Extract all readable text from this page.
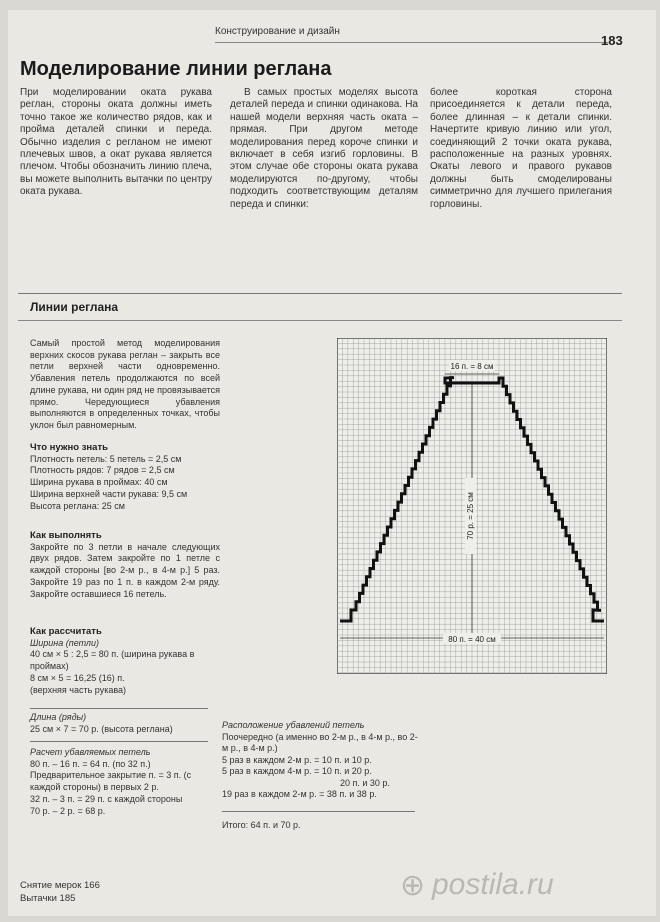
Конструирование и дизайн
183
Моделирование линии реглана
При моделировании оката рукава реглан, стороны оката должны иметь точно такое же количество рядов, как и пройма деталей спинки и переда. Обычно изделия с регланом не имеют плечевых швов, а окат рукава является плечом. Чтобы обозначить линию плеча, вы можете выполнить вытачки по центру оката рукава.
В самых простых моделях высота деталей переда и спинки одинакова. На нашей модели верхняя часть оката – прямая. При другом методе моделирования перед короче спинки и включает в себя изгиб горловины. В этом случае обе стороны оката рукава моделируются по-другому, чтобы подходить соответствующим деталям переда и спинки:
более короткая сторона присоединяется к детали переда, более длинная – к детали спинки. Начертите кривую линию или угол, соединяющий 2 точки оката рукава, расположенные на разных уровнях. Окаты левого и правого рукавов должны быть смоделированы симметрично для лучшего прилегания горловины.
Линии реглана
Самый простой метод моделирования верхних скосов рукава реглан – закрыть все петли верхней части одновременно. Убавления петель продолжаются по всей длине рукава, ни один ряд не провязывается прямо. Чередующиеся убавления выполняются в определенных точках, чтобы уклон был равномерным.
Что нужно знать
Плотность петель: 5 петель = 2,5 см
Плотность рядов: 7 рядов = 2,5 см
Ширина рукава в проймах: 40 см
Ширина верхней части рукава: 9,5 см
Высота реглана: 25 см
Как выполнять
Закройте по 3 петли в начале следующих двух рядов. Затем закройте по 1 петле с каждой стороны [во 2-м р., в 4-м р.] 5 раз. Закройте 19 раз по 1 п. в каждом 2-м ряду. Закройте оставшиеся 16 петель.
Как рассчитать
Ширина (петли)
40 см × 5 : 2,5 = 80 п. (ширина рукава в проймах)
8 см × 5 = 16,25 (16) п.
(верхняя часть рукава)
Длина (ряды)
25 см × 7 = 70 р. (высота реглана)
Расчет убавляемых петель
80 п. – 16 п. = 64 п. (по 32 п.)
Предварительное закрытие п. = 3 п. (с каждой стороны) в первых 2 р.
32 п. – 3 п. = 29 п. с каждой стороны
70 р. – 2 р. = 68 р.
Расположение убавлений петель
Поочередно (а именно во 2-м р., в 4-м р., во 2-м р., в 4-м р.)
5 раз в каждом 2-м р. = 10 п. и 10 р.
5 раз в каждом 4-м р. = 10 п. и 20 р.
20 п. и 30 р.
19 раз в каждом 2-м р. = 38 п. и 38 р.
Итого: 64 п. и 70 р.
16 п. = 8 см
70 р. = 25 см
80 п. = 40 см
Снятие мерок 166
Вытачки 185	⊕ postila.ru
